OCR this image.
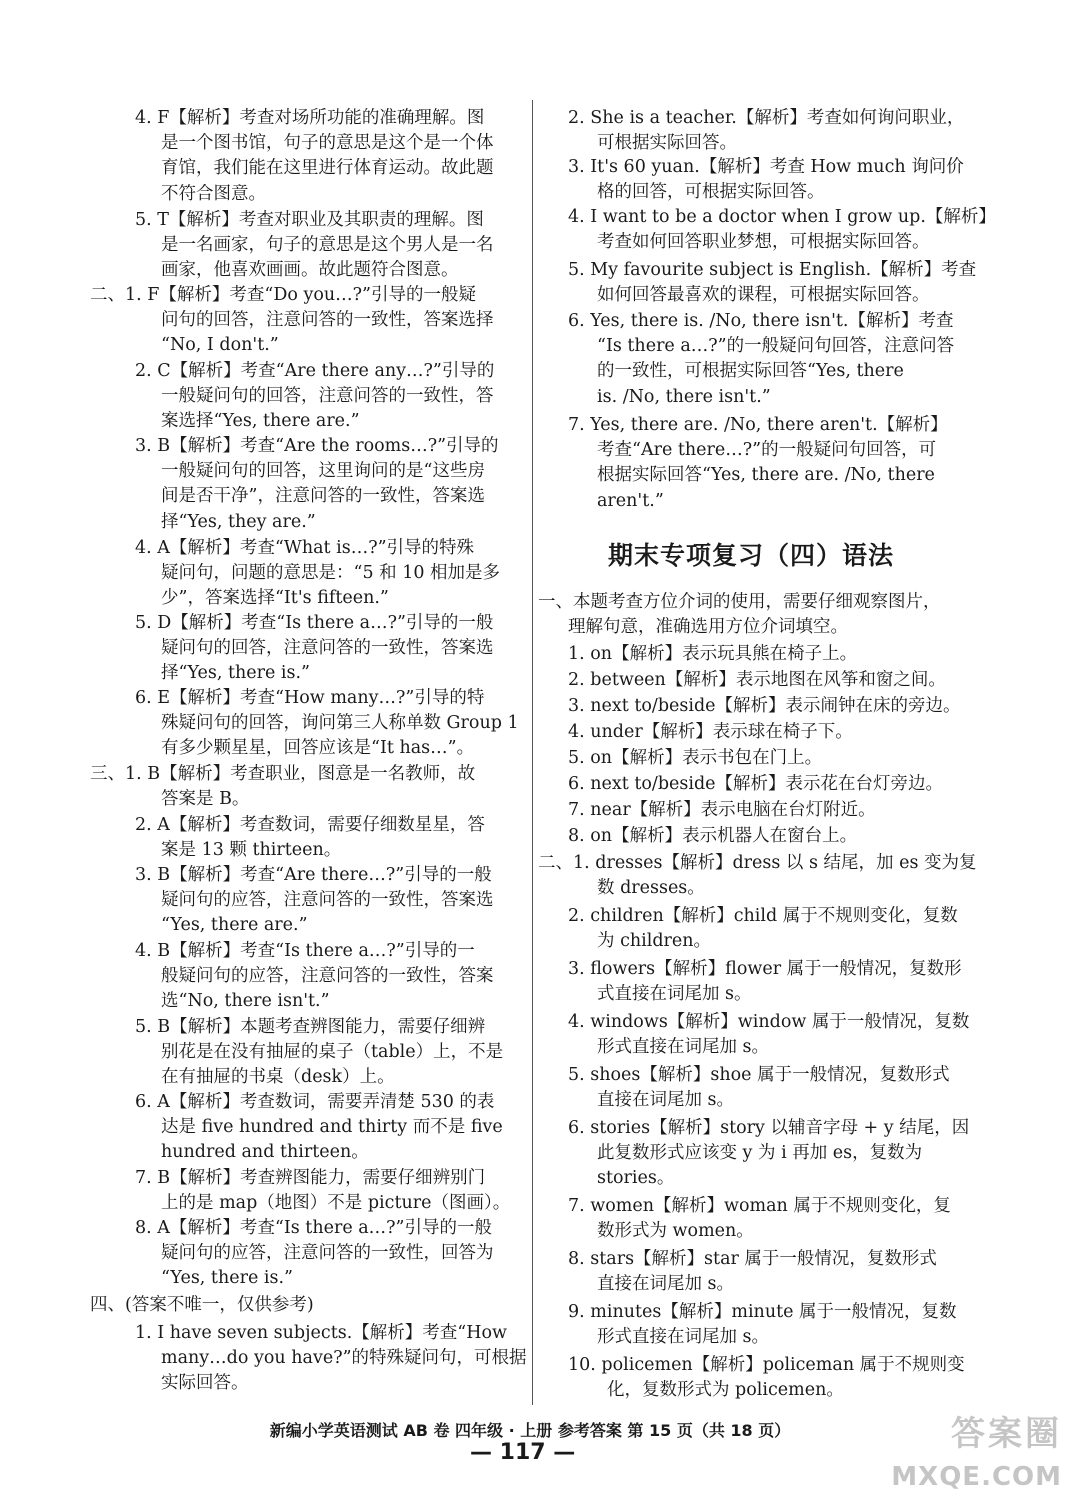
4. F【解析】考查对场所功能的准确理解。图
是一个图书馆，句子的意思是这个是一个体
育馆，我们能在这里进行体育运动。故此题
不符合图意。
5. T【解析】考查对职业及其职责的理解。图
是一名画家，句子的意思是这个男人是一名
画家，他喜欢画画。故此题符合图意。
二、1. F【解析】考查“Do you…?”引导的一般疑
问句的回答，注意问答的一致性，答案选择
“No, I don't.”
2. C【解析】考查“Are there any…?”引导的
一般疑问句的回答，注意问答的一致性，答
案选择“Yes, there are.”
3. B【解析】考查“Are the rooms…?”引导的
一般疑问句的回答，这里询问的是“这些房
间是否干净”，注意问答的一致性，答案选
择“Yes, they are.”
4. A【解析】考查“What is…?”引导的特殊
疑问句，问题的意思是：“5 和 10 相加是多
少”，答案选择“It's fifteen.”
5. D【解析】考查“Is there a…?”引导的一般
疑问句的回答，注意问答的一致性，答案选
择“Yes, there is.”
6. E【解析】考查“How many…?”引导的特
殊疑问句的回答，询问第三人称单数 Group 1
有多少颗星星，回答应该是“It has…”。
三、1. B【解析】考查职业，图意是一名教师，故
答案是 B。
2. A【解析】考查数词，需要仔细数星星，答
案是 13 颗 thirteen。
3. B【解析】考查“Are there…?”引导的一般
疑问句的应答，注意问答的一致性，答案选
“Yes, there are.”
4. B【解析】考查“Is there a…?”引导的一
般疑问句的应答，注意问答的一致性，答案
选“No, there isn't.”
5. B【解析】本题考查辨图能力，需要仔细辨
别花是在没有抽屉的桌子（table）上，不是
在有抽屉的书桌（desk）上。
6. A【解析】考查数词，需要弄清楚 530 的表
达是 five hundred and thirty 而不是 five
hundred and thirteen。
7. B【解析】考查辨图能力，需要仔细辨别门
上的是 map（地图）不是 picture（图画）。
8. A【解析】考查“Is there a…?”引导的一般
疑问句的应答，注意问答的一致性，回答为
“Yes, there is.”
四、(答案不唯一，仅供参考)
1. I have seven subjects.【解析】考查“How
many…do you have?”的特殊疑问句，可根据
实际回答。
2. She is a teacher.【解析】考查如何询问职业，
可根据实际回答。
3. It's 60 yuan.【解析】考查 How much 询问价
格的回答，可根据实际回答。
4. I want to be a doctor when I grow up.【解析】
考查如何回答职业梦想，可根据实际回答。
5. My favourite subject is English.【解析】考查
如何回答最喜欢的课程，可根据实际回答。
6. Yes, there is. /No, there isn't.【解析】考查
“Is there a…?”的一般疑问句回答，注意问答
的一致性，可根据实际回答“Yes, there
is. /No, there isn't.”
7. Yes, there are. /No, there aren't.【解析】
考查“Are there…?”的一般疑问句回答，可
根据实际回答“Yes, there are. /No, there
aren't.”
一、本题考查方位介词的使用，需要仔细观察图片，
理解句意，准确选用方位介词填空。
1. on【解析】表示玩具熊在椅子上。
2. between【解析】表示地图在风筝和窗之间。
3. next to/beside【解析】表示闹钟在床的旁边。
4. under【解析】表示球在椅子下。
5. on【解析】表示书包在门上。
6. next to/beside【解析】表示花在台灯旁边。
7. near【解析】表示电脑在台灯附近。
8. on【解析】表示机器人在窗台上。
二、1. dresses【解析】dress 以 s 结尾，加 es 变为复
数 dresses。
2. children【解析】child 属于不规则变化，复数
为 children。
3. flowers【解析】flower 属于一般情况，复数形
式直接在词尾加 s。
4. windows【解析】window 属于一般情况，复数
形式直接在词尾加 s。
5. shoes【解析】shoe 属于一般情况，复数形式
直接在词尾加 s。
6. stories【解析】story 以辅音字母 + y 结尾，因
此复数形式应该变 y 为 i 再加 es，复数为
stories。
7. women【解析】woman 属于不规则变化，复
数形式为 women。
8. stars【解析】star 属于一般情况，复数形式
直接在词尾加 s。
9. minutes【解析】minute 属于一般情况，复数
形式直接在词尾加 s。
10. policemen【解析】policeman 属于不规则变
化，复数形式为 policemen。
期末专项复习（四）语法
新编小学英语测试 AB 卷 四年级 · 上册 参考答案 第 15 页（共 18 页）
— 117 —	答案圈
MXQE.COM
